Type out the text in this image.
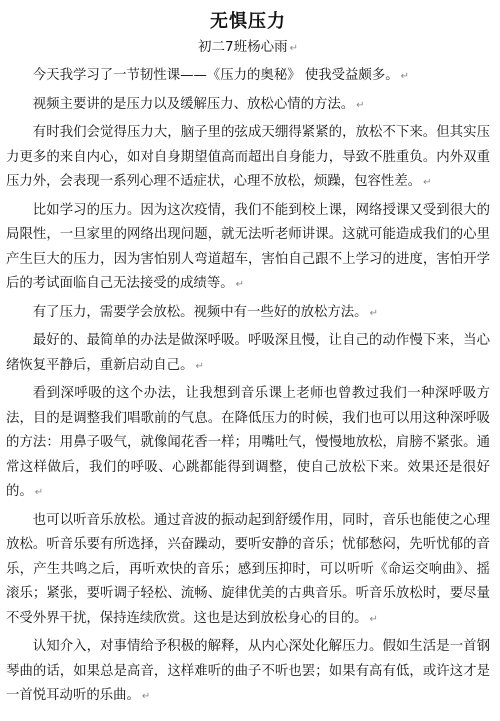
无惧压力
初二7班杨心雨 ↵

今天我学习了一节韧性课——《压力的奥秘》 使我受益颇多。 ↵

视频主要讲的是压力以及缓解压力、放松心情的方法。 ↵

有时我们会觉得压力大，脑子里的弦成天绷得紧紧的，放松不下来。但其实压力更多的来自内心，如对自身期望值高而超出自身能力，导致不胜重负。内外双重压力外，会表现一系列心理不适症状，心理不放松，烦躁，包容性差。 ↵

比如学习的压力。因为这次疫情，我们不能到校上课，网络授课又受到很大的局限性，一旦家里的网络出现问题，就无法听老师讲课。这就可能造成我们的心里产生巨大的压力，因为害怕别人弯道超车，害怕自己跟不上学习的进度，害怕开学后的考试面临自己无法接受的成绩等。 ↵

有了压力，需要学会放松。视频中有一些好的放松方法。 ↵

最好的、最简单的办法是做深呼吸。呼吸深且慢，让自己的动作慢下来，当心绪恢复平静后，重新启动自己。 ↵

看到深呼吸的这个办法，让我想到音乐课上老师也曾教过我们一种深呼吸方法，目的是调整我们唱歌前的气息。在降低压力的时候，我们也可以用这种深呼吸的方法：用鼻子吸气，就像闻花香一样；用嘴吐气，慢慢地放松，肩膀不紧张。通常这样做后，我们的呼吸、心跳都能得到调整，使自己放松下来。效果还是很好的。 ↵

也可以听音乐放松。通过音波的振动起到舒缓作用，同时，音乐也能使之心理放松。听音乐要有所选择，兴奋躁动，要听安静的音乐；忧郁愁闷，先听忧郁的音乐，产生共鸣之后，再听欢快的音乐；感到压抑时，可以听听《命运交响曲》、摇滚乐；紧张，要听调子轻松、流畅、旋律优美的古典音乐。听音乐放松时，要尽量不受外界干扰，保持连续欣赏。这也是达到放松身心的目的。 ↵

认知介入，对事情给予积极的解释，从内心深处化解压力。假如生活是一首钢琴曲的话，如果总是高音，这样难听的曲子不听也罢；如果有高有低，或许这才是一首悦耳动听的乐曲。 ↵
